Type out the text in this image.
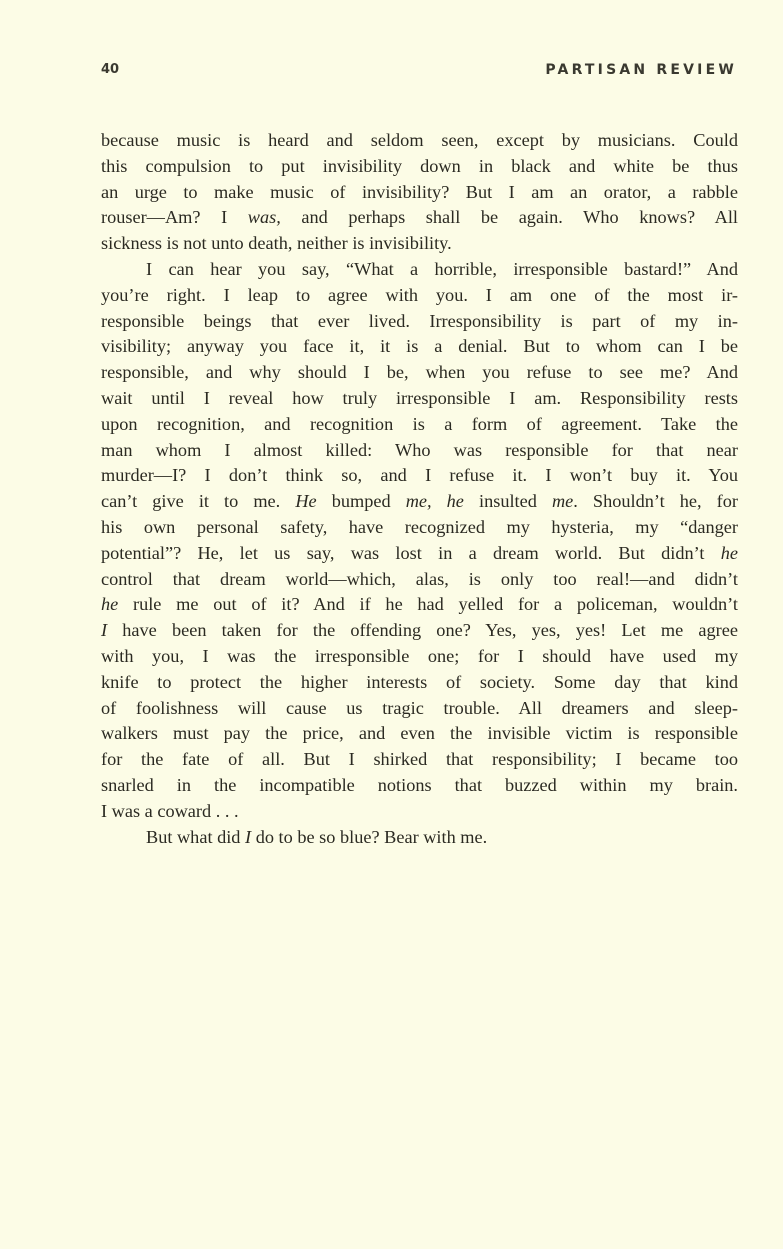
40	PARTISAN REVIEW
because music is heard and seldom seen, except by musicians. Could
this compulsion to put invisibility down in black and white be thus
an urge to make music of invisibility? But I am an orator, a rabble
rouser—Am? I was, and perhaps shall be again. Who knows? All
sickness is not unto death, neither is invisibility.
I can hear you say, “What a horrible, irresponsible bastard!” And
you’re right. I leap to agree with you. I am one of the most ir-
responsible beings that ever lived. Irresponsibility is part of my in-
visibility; anyway you face it, it is a denial. But to whom can I be
responsible, and why should I be, when you refuse to see me? And
wait until I reveal how truly irresponsible I am. Responsibility rests
upon recognition, and recognition is a form of agreement. Take the
man whom I almost killed: Who was responsible for that near
murder—I? I don’t think so, and I refuse it. I won’t buy it. You
can’t give it to me. He bumped me, he insulted me. Shouldn’t he, for
his own personal safety, have recognized my hysteria, my “danger
potential”? He, let us say, was lost in a dream world. But didn’t he
control that dream world—which, alas, is only too real!—and didn’t
he rule me out of it? And if he had yelled for a policeman, wouldn’t
I have been taken for the offending one? Yes, yes, yes! Let me agree
with you, I was the irresponsible one; for I should have used my
knife to protect the higher interests of society. Some day that kind
of foolishness will cause us tragic trouble. All dreamers and sleep-
walkers must pay the price, and even the invisible victim is responsible
for the fate of all. But I shirked that responsibility; I became too
snarled in the incompatible notions that buzzed within my brain.
I was a coward . . .
But what did I do to be so blue? Bear with me.
